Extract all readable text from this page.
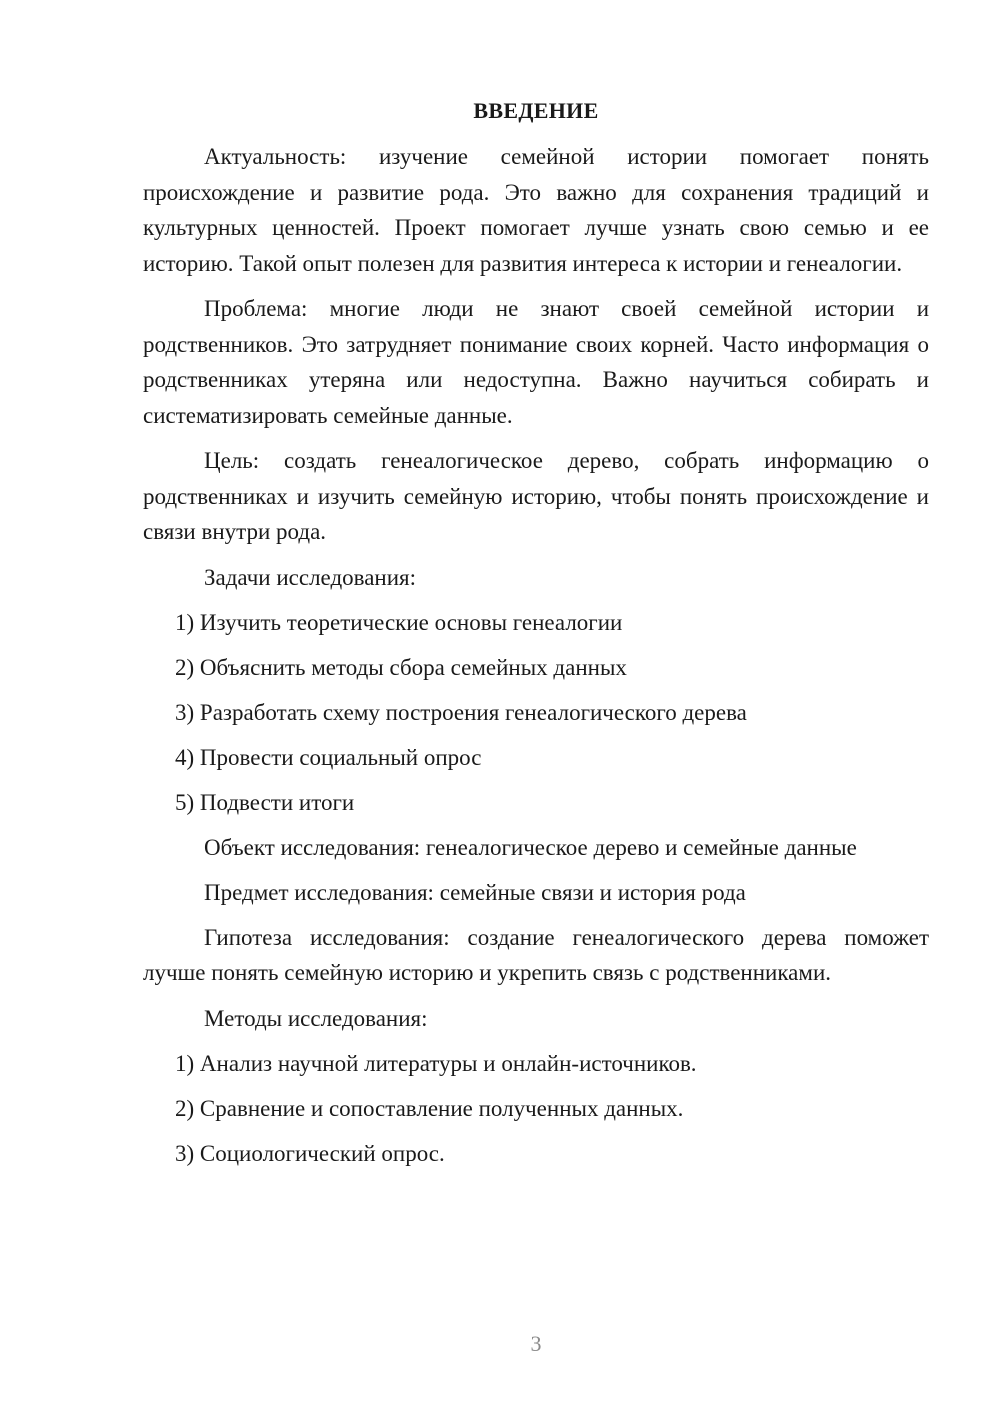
ВВЕДЕНИЕ

Актуальность: изучение семейной истории помогает понять происхождение и развитие рода. Это важно для сохранения традиций и культурных ценностей. Проект помогает лучше узнать свою семью и ее историю. Такой опыт полезен для развития интереса к истории и генеалогии.

Проблема: многие люди не знают своей семейной истории и родственников. Это затрудняет понимание своих корней. Часто информация о родственниках утеряна или недоступна. Важно научиться собирать и систематизировать семейные данные.

Цель: создать генеалогическое дерево, собрать информацию о родственниках и изучить семейную историю, чтобы понять происхождение и связи внутри рода.

Задачи исследования:
1) Изучить теоретические основы генеалогии
2) Объяснить методы сбора семейных данных
3) Разработать схему построения генеалогического дерева
4) Провести социальный опрос
5) Подвести итоги
Объект исследования: генеалогическое дерево и семейные данные
Предмет исследования: семейные связи и история рода

Гипотеза исследования: создание генеалогического дерева поможет лучше понять семейную историю и укрепить связь с родственниками.

Методы исследования:
1) Анализ научной литературы и онлайн-источников.
2) Сравнение и сопоставление полученных данных.
3) Социологический опрос.
3
